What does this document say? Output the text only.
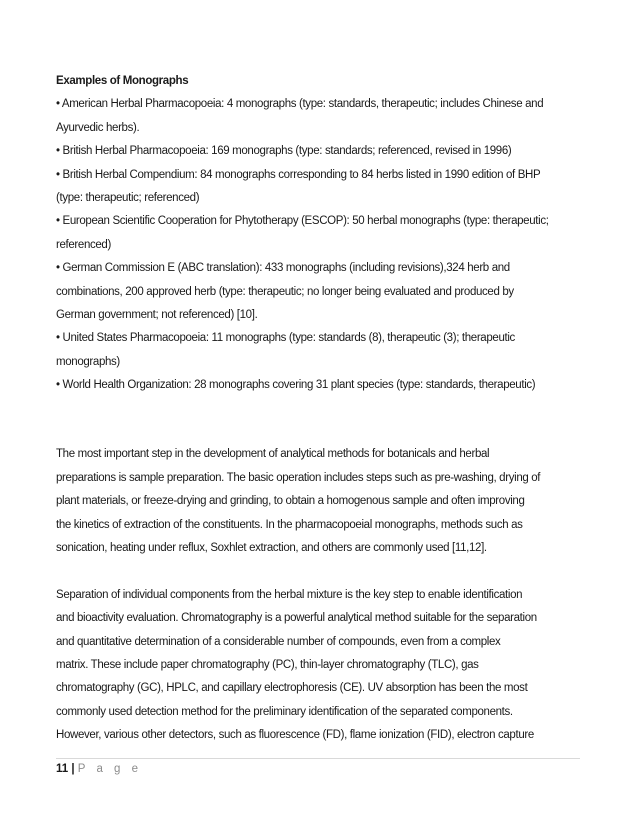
Examples of Monographs
• American Herbal Pharmacopoeia: 4 monographs (type: standards, therapeutic; includes Chinese and
Ayurvedic herbs).
• British Herbal Pharmacopoeia: 169 monographs (type: standards; referenced, revised in 1996)
• British Herbal Compendium: 84 monographs corresponding to 84 herbs listed in 1990 edition of BHP
(type: therapeutic; referenced)
• European Scientific Cooperation for Phytotherapy (ESCOP): 50 herbal monographs (type: therapeutic;
referenced)
• German Commission E (ABC translation): 433 monographs (including revisions),324 herb and
combinations, 200 approved herb (type: therapeutic; no longer being evaluated and produced by
German government; not referenced) [10].
• United States Pharmacopoeia: 11 monographs (type: standards (8), therapeutic (3); therapeutic
monographs)
• World Health Organization: 28 monographs covering 31 plant species (type: standards, therapeutic)
The most important step in the development of analytical methods for botanicals and herbal
preparations is sample preparation. The basic operation includes steps such as pre-washing, drying of
plant materials, or freeze-drying and grinding, to obtain a homogenous sample and often improving
the kinetics of extraction of the constituents. In the pharmacopoeial monographs, methods such as
sonication, heating under reflux, Soxhlet extraction, and others are commonly used [11,12].
Separation of individual components from the herbal mixture is the key step to enable identification
and bioactivity evaluation. Chromatography is a powerful analytical method suitable for the separation
and quantitative determination of a considerable number of compounds, even from a complex
matrix. These include paper chromatography (PC), thin-layer chromatography (TLC), gas
chromatography (GC), HPLC, and capillary electrophoresis (CE). UV absorption has been the most
commonly used detection method for the preliminary identification of the separated components.
However, various other detectors, such as fluorescence (FD), flame ionization (FID), electron capture
11 | P a g e
